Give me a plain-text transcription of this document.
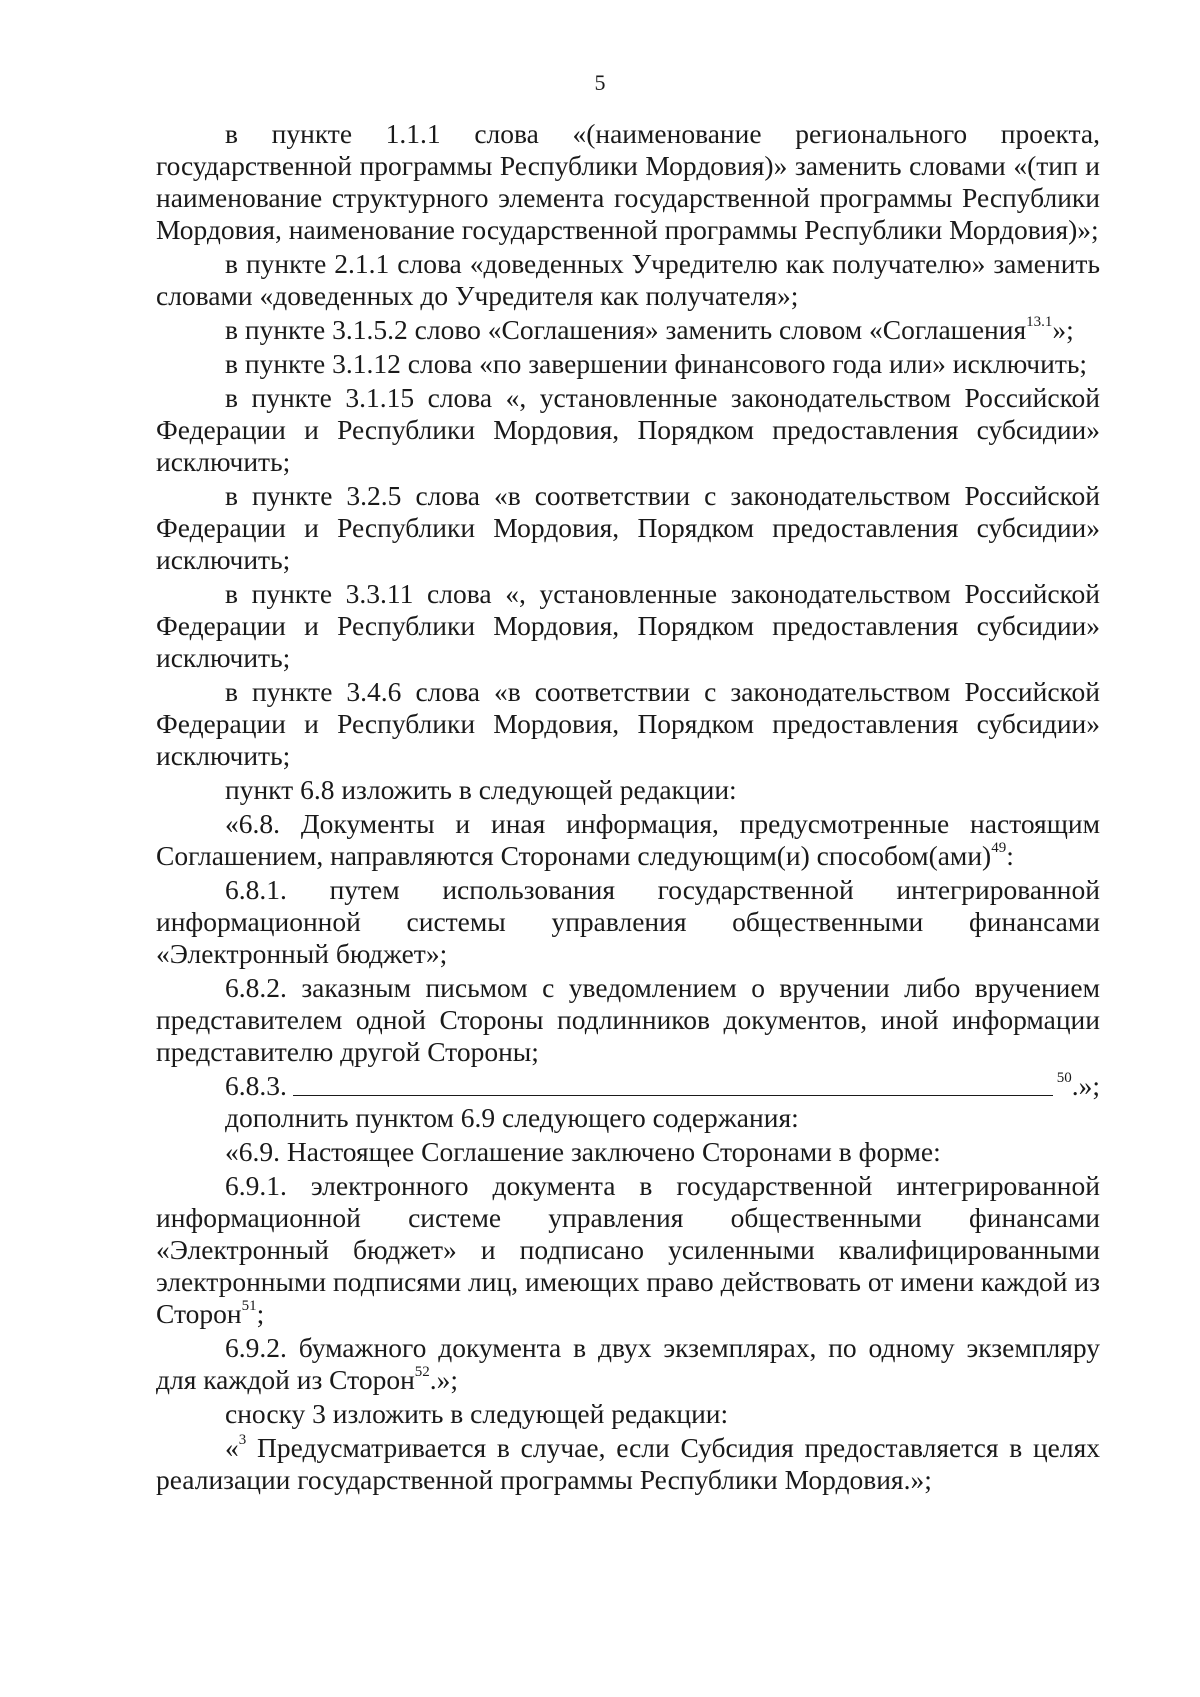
5

в пункте 1.1.1 слова «(наименование регионального проекта, государственной программы Республики Мордовия)» заменить словами «(тип и наименование структурного элемента государственной программы Республики Мордовия, наименование государственной программы Республики Мордовия)»;

в пункте 2.1.1 слова «доведенных Учредителю как получателю» заменить словами «доведенных до Учредителя как получателя»;

в пункте 3.1.5.2 слово «Соглашения» заменить словом «Соглашения$^{13.1}$»;

в пункте 3.1.12 слова «по завершении финансового года или» исключить;

в пункте 3.1.15 слова «, установленные законодательством Российской Федерации и Республики Мордовия, Порядком предоставления субсидии» исключить;

в пункте 3.2.5 слова «в соответствии с законодательством Российской Федерации и Республики Мордовия, Порядком предоставления субсидии» исключить;

в пункте 3.3.11 слова «, установленные законодательством Российской Федерации и Республики Мордовия, Порядком предоставления субсидии» исключить;

в пункте 3.4.6 слова «в соответствии с законодательством Российской Федерации и Республики Мордовия, Порядком предоставления субсидии» исключить;

пункт 6.8 изложить в следующей редакции:

«6.8. Документы и иная информация, предусмотренные настоящим Соглашением, направляются Сторонами следующим(и) способом(ами)$^{49}$:

6.8.1. путем использования государственной интегрированной информационной системы управления общественными финансами «Электронный бюджет»;

6.8.2. заказным письмом с уведомлением о вручении либо вручением представителем одной Стороны подлинников документов, иной информации представителю другой Стороны;

6.8.3.	$^{50}$.»;

дополнить пунктом 6.9 следующего содержания:

«6.9. Настоящее Соглашение заключено Сторонами в форме:

6.9.1. электронного документа в государственной интегрированной информационной системе управления общественными финансами «Электронный бюджет» и подписано усиленными квалифицированными электронными подписями лиц, имеющих право действовать от имени каждой из Сторон$^{51}$;

6.9.2. бумажного документа в двух экземплярах, по одному экземпляру для каждой из Сторон$^{52}$.»;

сноску 3 изложить в следующей редакции:

«$^3$ Предусматривается в случае, если Субсидия предоставляется в целях реализации государственной программы Республики Мордовия.»;
